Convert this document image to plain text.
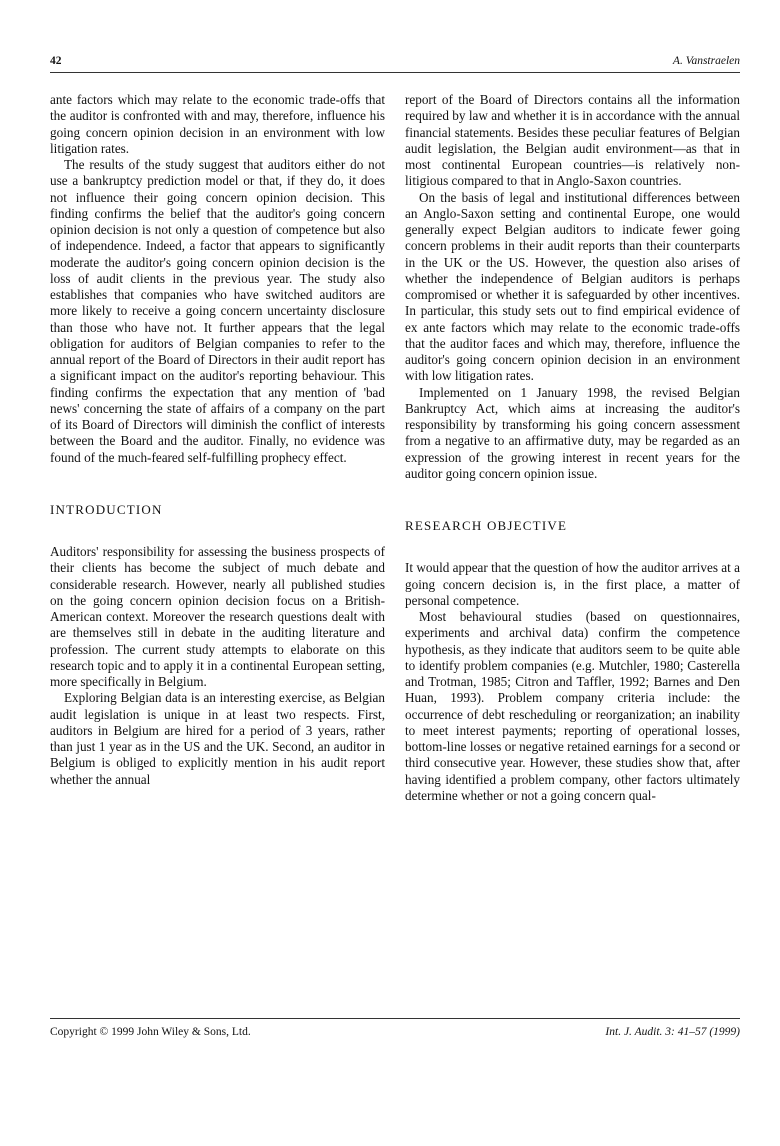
42	A. Vanstraelen

ante factors which may relate to the economic trade-offs that the auditor is confronted with and may, therefore, influence his going concern opinion decision in an environment with low litigation rates.

The results of the study suggest that auditors either do not use a bankruptcy prediction model or that, if they do, it does not influence their going concern opinion decision. This finding confirms the belief that the auditor's going concern opinion decision is not only a question of competence but also of independence. Indeed, a factor that appears to significantly moderate the auditor's going concern opinion decision is the loss of audit clients in the previous year. The study also establishes that companies who have switched auditors are more likely to receive a going concern uncertainty disclosure than those who have not. It further appears that the legal obligation for auditors of Belgian companies to refer to the annual report of the Board of Directors in their audit report has a significant impact on the auditor's reporting behaviour. This finding confirms the expectation that any mention of 'bad news' concerning the state of affairs of a company on the part of its Board of Directors will diminish the conflict of interests between the Board and the auditor. Finally, no evidence was found of the much-feared self-fulfilling prophecy effect.

INTRODUCTION

Auditors' responsibility for assessing the business prospects of their clients has become the subject of much debate and considerable research. However, nearly all published studies on the going concern opinion decision focus on a British-American context. Moreover the research questions dealt with are themselves still in debate in the auditing literature and profession. The current study attempts to elaborate on this research topic and to apply it in a continental European setting, more specifically in Belgium.

Exploring Belgian data is an interesting exercise, as Belgian audit legislation is unique in at least two respects. First, auditors in Belgium are hired for a period of 3 years, rather than just 1 year as in the US and the UK. Second, an auditor in Belgium is obliged to explicitly mention in his audit report whether the annual

report of the Board of Directors contains all the information required by law and whether it is in accordance with the annual financial statements. Besides these peculiar features of Belgian audit legislation, the Belgian audit environment—as that in most continental European countries—is relatively non-litigious compared to that in Anglo-Saxon countries.

On the basis of legal and institutional differences between an Anglo-Saxon setting and continental Europe, one would generally expect Belgian auditors to indicate fewer going concern problems in their audit reports than their counterparts in the UK or the US. However, the question also arises of whether the independence of Belgian auditors is perhaps compromised or whether it is safeguarded by other incentives. In particular, this study sets out to find empirical evidence of ex ante factors which may relate to the economic trade-offs that the auditor faces and which may, therefore, influence the auditor's going concern opinion decision in an environment with low litigation rates.

Implemented on 1 January 1998, the revised Belgian Bankruptcy Act, which aims at increasing the auditor's responsibility by transforming his going concern assessment from a negative to an affirmative duty, may be regarded as an expression of the growing interest in recent years for the auditor going concern opinion issue.

RESEARCH OBJECTIVE

It would appear that the question of how the auditor arrives at a going concern decision is, in the first place, a matter of personal competence.

Most behavioural studies (based on questionnaires, experiments and archival data) confirm the competence hypothesis, as they indicate that auditors seem to be quite able to identify problem companies (e.g. Mutchler, 1980; Casterella and Trotman, 1985; Citron and Taffler, 1992; Barnes and Den Huan, 1993). Problem company criteria include: the occurrence of debt rescheduling or reorganization; an inability to meet interest payments; reporting of operational losses, bottom-line losses or negative retained earnings for a second or third consecutive year. However, these studies show that, after having identified a problem company, other factors ultimately determine whether or not a going concern qual-

Copyright © 1999 John Wiley & Sons, Ltd.	Int. J. Audit. 3: 41–57 (1999)
